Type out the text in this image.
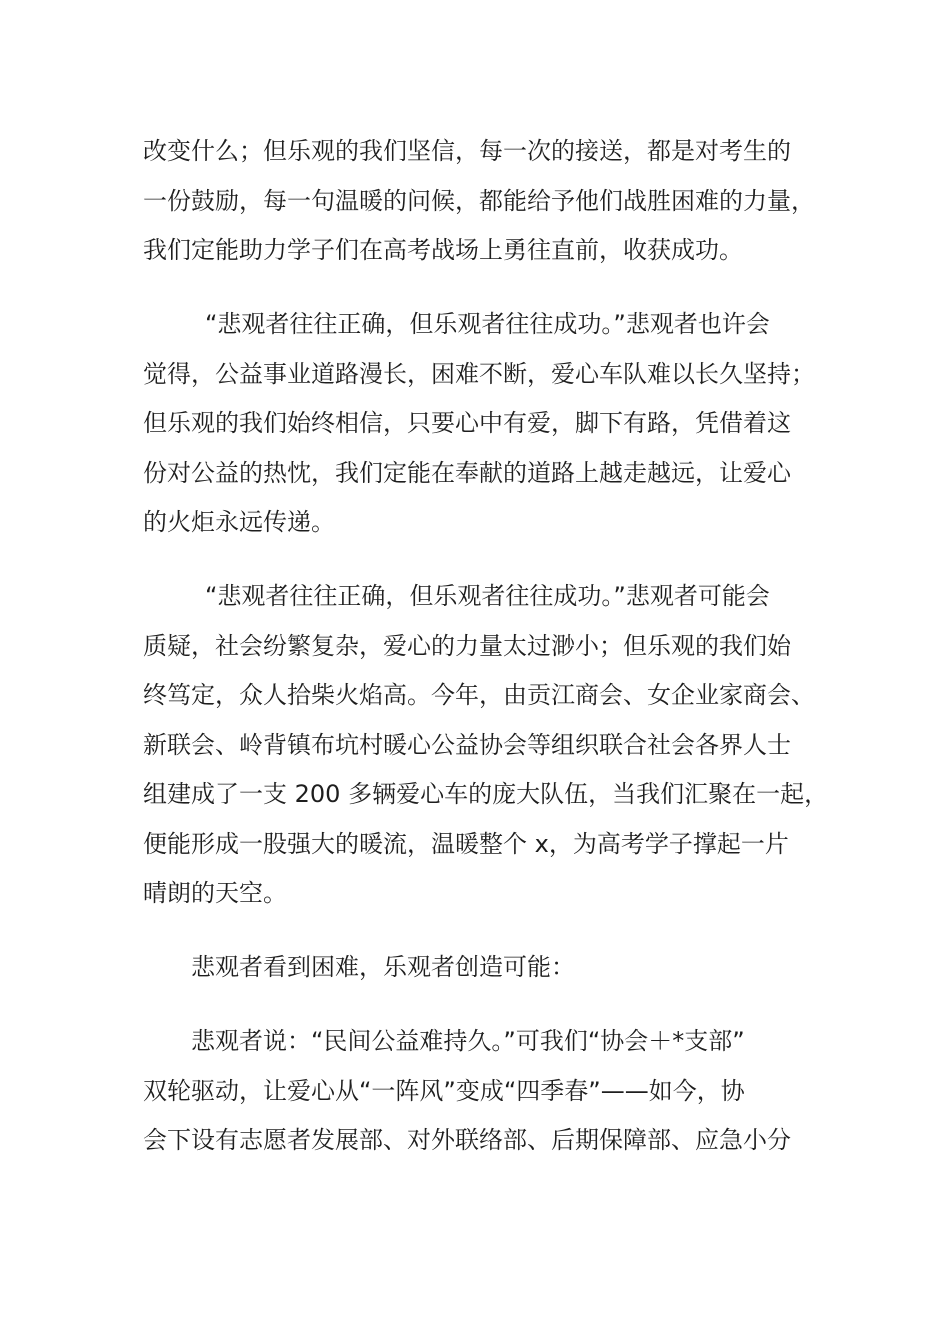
改变什么；但乐观的我们坚信，每一次的接送，都是对考生的
一份鼓励，每一句温暖的问候，都能给予他们战胜困难的力量，
我们定能助力学子们在高考战场上勇往直前，收获成功。

“悲观者往往正确，但乐观者往往成功。”悲观者也许会
觉得，公益事业道路漫长，困难不断，爱心车队难以长久坚持；
但乐观的我们始终相信，只要心中有爱，脚下有路，凭借着这
份对公益的热忱，我们定能在奉献的道路上越走越远，让爱心
的火炬永远传递。

“悲观者往往正确，但乐观者往往成功。”悲观者可能会
质疑，社会纷繁复杂，爱心的力量太过渺小；但乐观的我们始
终笃定，众人拾柴火焰高。今年，由贡江商会、女企业家商会、
新联会、岭背镇布坑村暖心公益协会等组织联合社会各界人士
组建成了一支 200 多辆爱心车的庞大队伍，当我们汇聚在一起，
便能形成一股强大的暖流，温暖整个 x，为高考学子撑起一片
晴朗的天空。

悲观者看到困难，乐观者创造可能：

悲观者说：“民间公益难持久。”可我们“协会＋*支部”
双轮驱动，让爱心从“一阵风”变成“四季春”——如今，协
会下设有志愿者发展部、对外联络部、后期保障部、应急小分
